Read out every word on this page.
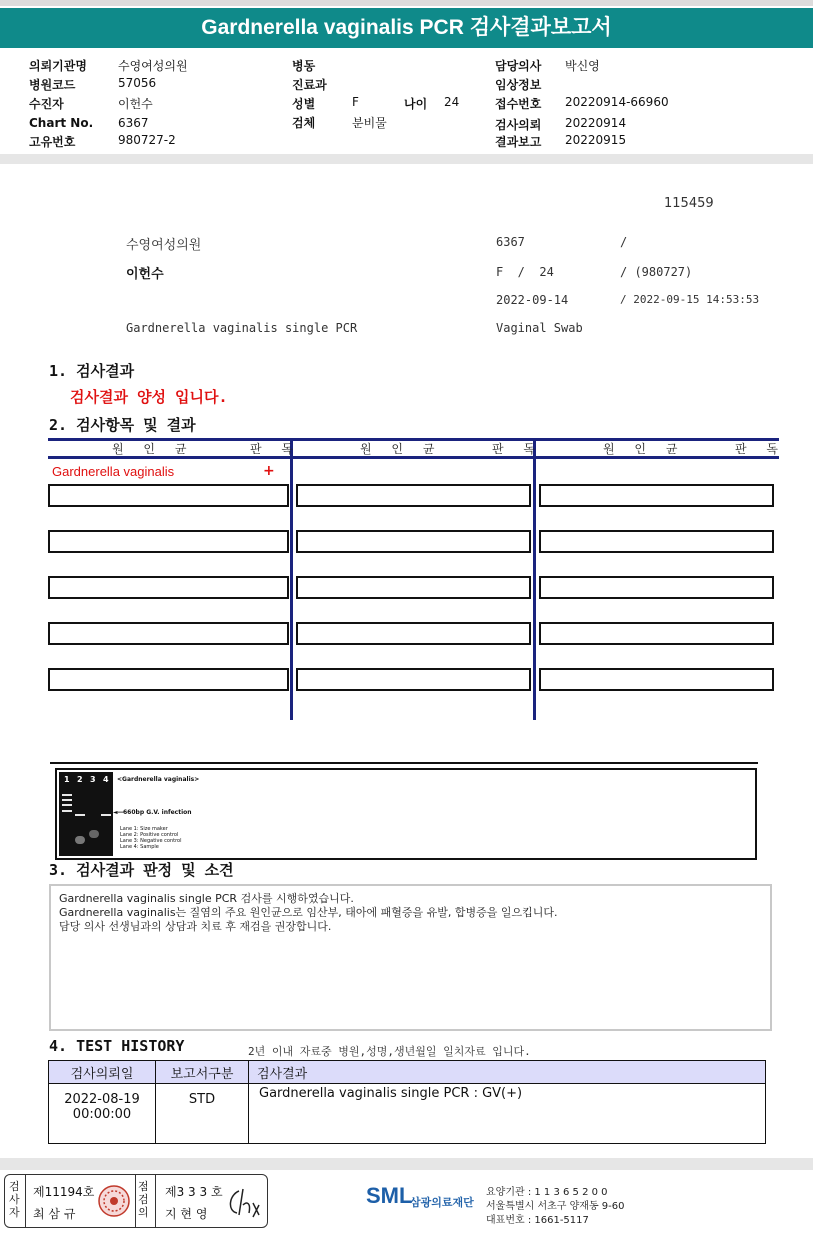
Gardnerella vaginalis PCR 검사결과보고서
의뢰기관명	수영여성의원
병원코드	57056
수진자	이헌수
Chart No. 6367
고유번호	980727-2
병동
진료과
성별	F	나이 24
검체	분비물
담당의사 박신영
임상정보
접수번호 20220914-66960
검사의뢰 20220914
결과보고 20220915
115459
수영여성의원	6367	/
이헌수	F  /  24	/ (980727)
2022-09-14	/ 2022-09-15 14:53:53
Gardnerella vaginalis single PCR	Vaginal Swab
1. 검사결과
검사결과 양성 입니다.
2. 검사항목 및 결과
원 인 균	판 독	원 인 균	판 독	원 인 균	판 독
Gardnerella vaginalis	+
1 2 3 4 <Gardnerella vaginalis>
◄— 660bp G.V. infection
Lane 1: Size maker
Lane 2: Positive control
Lane 3: Negative control
Lane 4: Sample
3. 검사결과 판정 및 소견
Gardnerella vaginalis single PCR 검사를 시행하였습니다.
Gardnerella vaginalis는 질염의 주요 원인균으로 임산부, 태아에 패혈증을 유발, 합병증을 일으킵니다.
담당 의사 선생님과의 상담과 치료 후 재검을 권장합니다.
4. TEST HISTORY	2년 이내 자료중 병원,성명,생년월일 일치자료 입니다.
검사의뢰일	보고서구분	검사결과

2022-08-19
00:00:00	STD	Gardnerella vaginalis single PCR : GV(+)
검사자
제11194호
최 삼 규
점검의
제3 3 3 호
지 현 영
SML
삼광의료재단
요양기관 : 1 1 3 6 5 2 0 0
서울특별시 서초구 양재동 9-60
대표번호 : 1661-5117
